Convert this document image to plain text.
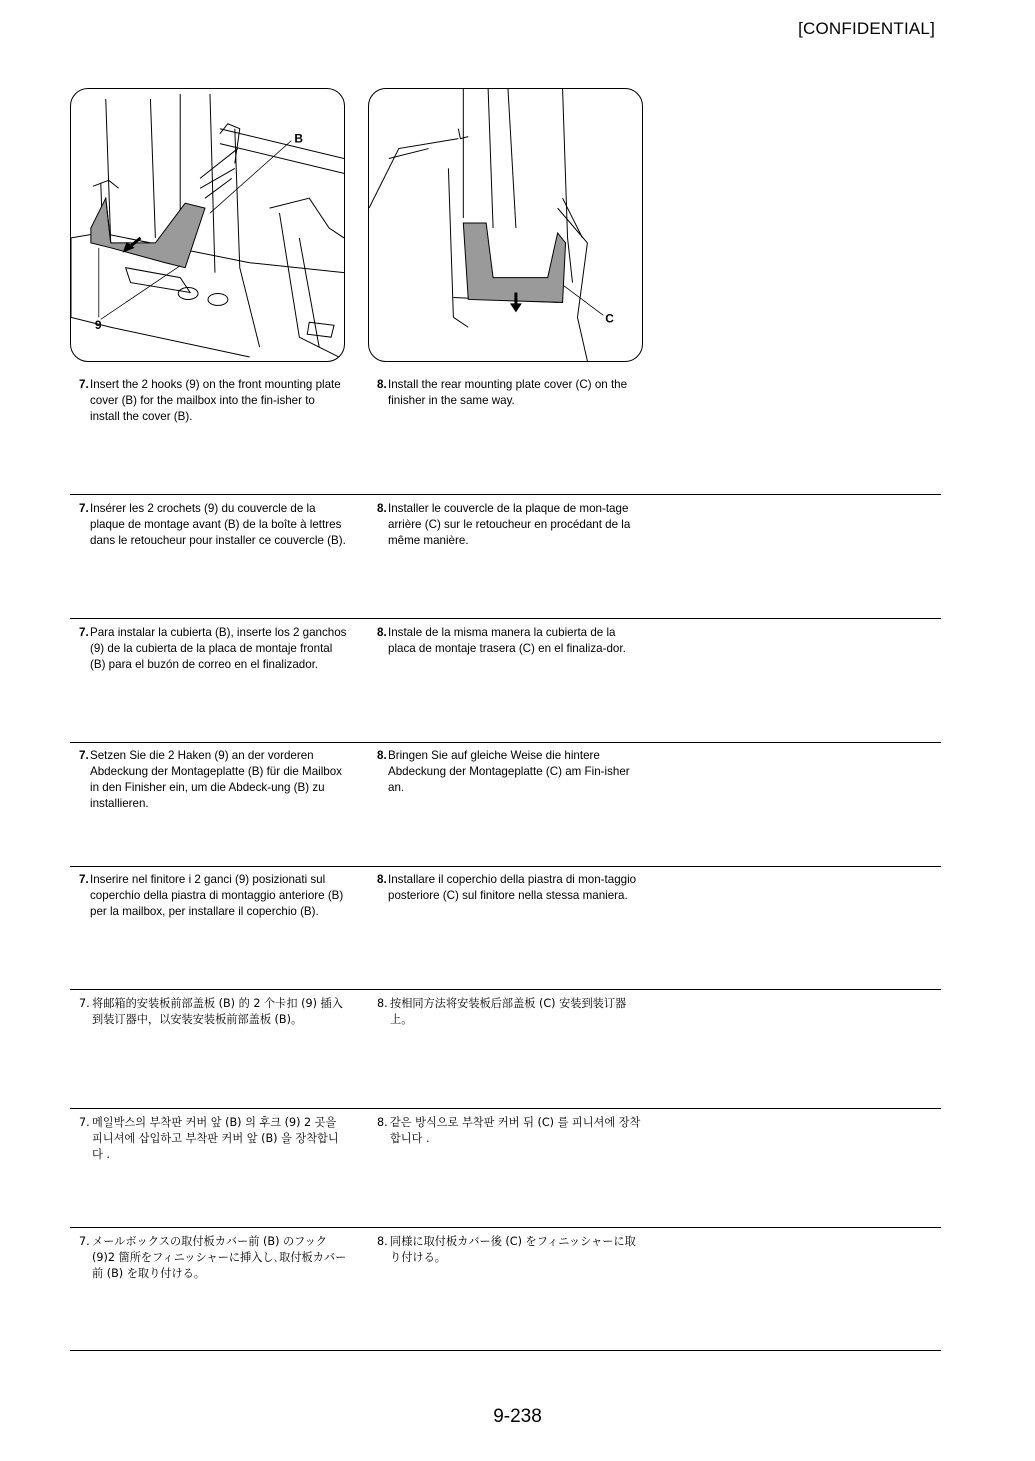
[CONFIDENTIAL]
B
9	C
7. Insert the 2 hooks (9) on the front mounting plate cover (B) for the mailbox into the fin-isher to install the cover (B).
8. Install the rear mounting plate cover (C) on the finisher in the same way.
7. Insérer les 2 crochets (9) du couvercle de la plaque de montage avant (B) de la boîte à lettres dans le retoucheur pour installer ce couvercle (B).
8. Installer le couvercle de la plaque de mon-tage arrière (C) sur le retoucheur en procédant de la même manière.
7. Para instalar la cubierta (B), inserte los 2 ganchos (9) de la cubierta de la placa de montaje frontal (B) para el buzón de correo en el finalizador.
8. Instale de la misma manera la cubierta de la placa de montaje trasera (C) en el finaliza-dor.
7. Setzen Sie die 2 Haken (9) an der vorderen Abdeckung der Montageplatte (B) für die Mailbox in den Finisher ein, um die Abdeck-ung (B) zu installieren.
8. Bringen Sie auf gleiche Weise die hintere Abdeckung der Montageplatte (C) am Fin-isher an.
7. Inserire nel finitore i 2 ganci (9) posizionati sul coperchio della piastra di montaggio anteriore (B) per la mailbox, per installare il coperchio (B).
8. Installare il coperchio della piastra di mon-taggio posteriore (C) sul finitore nella stessa maniera.
7. 将邮箱的安装板前部盖板 (B) 的 2 个卡扣 (9) 插入到装订器中，以安装安装板前部盖板 (B)。
8. 按相同方法将安装板后部盖板 (C) 安装到装订器上。
7. 메일박스의 부착판 커버 앞 (B) 의 후크 (9) 2 곳을 피니셔에 삽입하고 부착판 커버 앞 (B) 을 장착합니다 .
8. 같은 방식으로 부착판 커버 뒤 (C) 를 피니셔에 장착합니다 .
7. メールボックスの取付板カバー前 (B) のフック (9)2 箇所をフィニッシャーに挿入し､取付板カバー前 (B) を取り付ける。
8. 同様に取付板カバー後 (C) をフィニッシャーに取り付ける。
9-238
